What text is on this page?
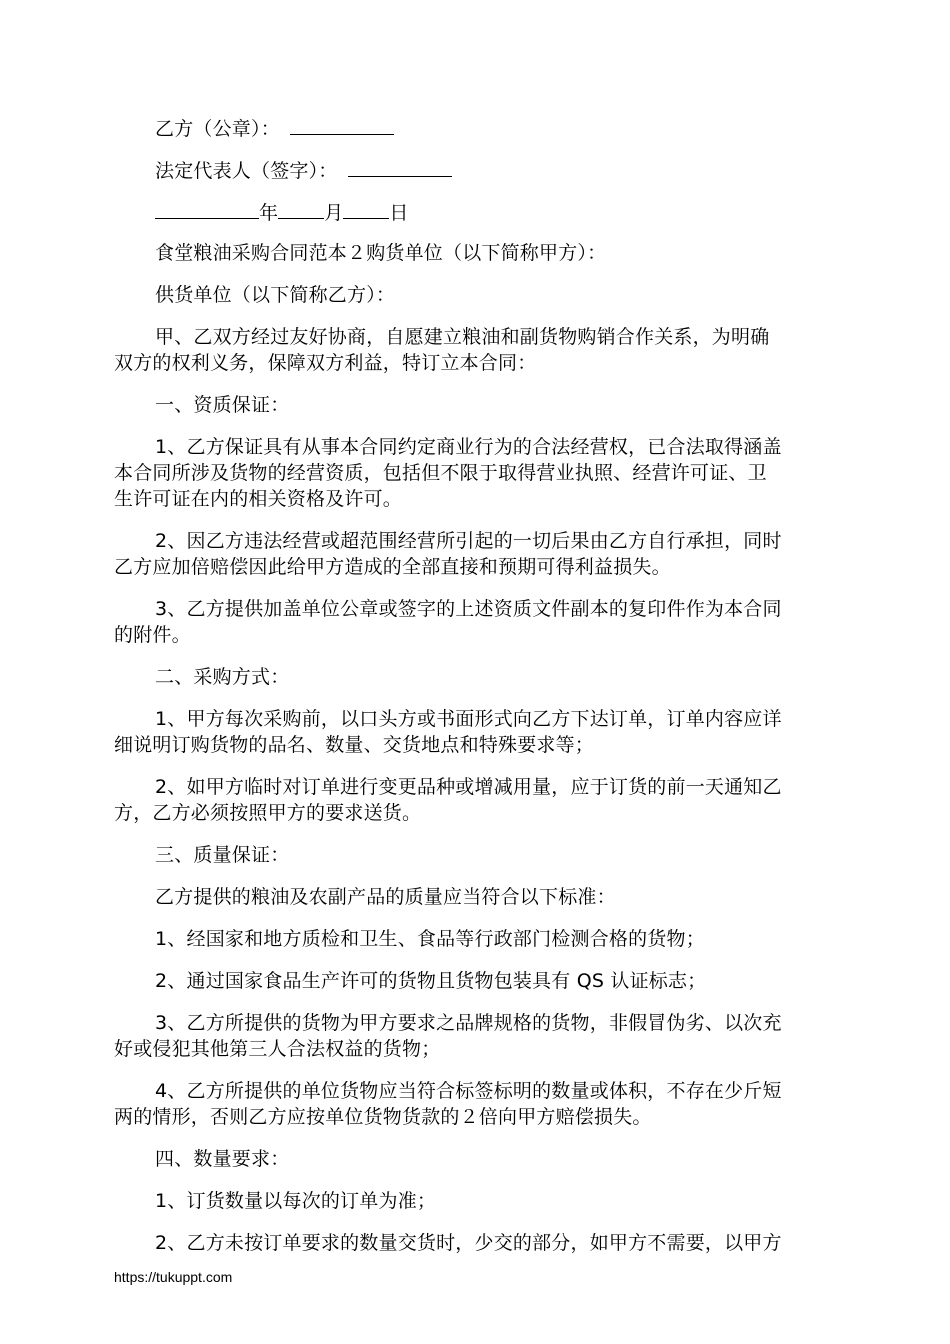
乙方（公章）：
法定代表人（签字）：
年 月 日
食堂粮油采购合同范本２购货单位（以下简称甲方）：
供货单位（以下简称乙方）：
甲、乙双方经过友好协商，自愿建立粮油和副货物购销合作关系，为明确
双方的权利义务，保障双方利益，特订立本合同：
一、资质保证：
1、乙方保证具有从事本合同约定商业行为的合法经营权，已合法取得涵盖
本合同所涉及货物的经营资质，包括但不限于取得营业执照、经营许可证、卫
生许可证在内的相关资格及许可。
2、因乙方违法经营或超范围经营所引起的一切后果由乙方自行承担，同时
乙方应加倍赔偿因此给甲方造成的全部直接和预期可得利益损失。
3、乙方提供加盖单位公章或签字的上述资质文件副本的复印件作为本合同
的附件。
二、采购方式：
1、甲方每次采购前，以口头方或书面形式向乙方下达订单，订单内容应详
细说明订购货物的品名、数量、交货地点和特殊要求等；
2、如甲方临时对订单进行变更品种或增减用量，应于订货的前一天通知乙
方，乙方必须按照甲方的要求送货。
三、质量保证：
乙方提供的粮油及农副产品的质量应当符合以下标准：
1、经国家和地方质检和卫生、食品等行政部门检测合格的货物；
2、通过国家食品生产许可的货物且货物包装具有 QS 认证标志；
3、乙方所提供的货物为甲方要求之品牌规格的货物，非假冒伪劣、以次充
好或侵犯其他第三人合法权益的货物；
4、乙方所提供的单位货物应当符合标签标明的数量或体积，不存在少斤短
两的情形，否则乙方应按单位货物货款的２倍向甲方赔偿损失。
四、数量要求：
1、订货数量以每次的订单为准；
2、乙方未按订单要求的数量交货时，少交的部分，如甲方不需要，以甲方
https://tukuppt.com
